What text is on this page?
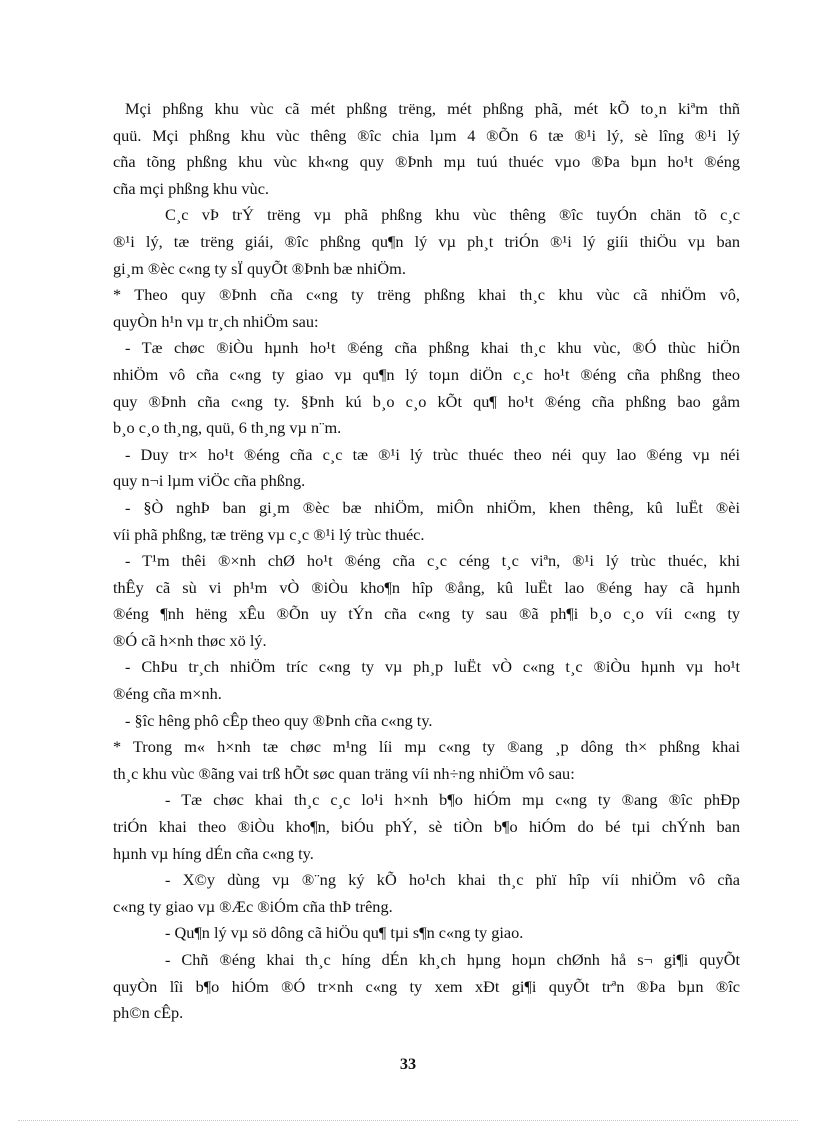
Mçi phßng khu vùc cã mét phßng trëng, mét phßng phã, mét kÕ to¸n kiªm thñ
quü. Mçi phßng khu vùc thêng ®îc chia lµm 4 ®Õn 6 tæ ®¹i lý, sè lîng ®¹i lý
cña tõng phßng khu vùc kh«ng quy ®Þnh mµ tuú thuéc vµo ®Þa bµn ho¹t ®éng
cña mçi phßng khu vùc.
C¸c vÞ trÝ trëng vµ phã phßng khu vùc thêng ®îc tuyÓn chän tõ c¸c
®¹i lý, tæ trëng giái, ®îc phßng qu¶n lý vµ ph¸t triÓn ®¹i lý giíi thiÖu vµ ban
gi¸m ®èc c«ng ty sÏ quyÕt ®Þnh bæ nhiÖm.
* Theo quy ®Þnh cña c«ng ty trëng phßng khai th¸c khu vùc cã nhiÖm vô,
quyÒn h¹n vµ tr¸ch nhiÖm sau:
- Tæ chøc ®iÒu hµnh ho¹t ®éng cña phßng khai th¸c khu vùc, ®Ó thùc hiÖn
nhiÖm vô cña c«ng ty giao vµ qu¶n lý toµn diÖn c¸c ho¹t ®éng cña phßng theo
quy ®Þnh cña c«ng ty. §Þnh kú b¸o c¸o kÕt qu¶ ho¹t ®éng cña phßng bao gåm
b¸o c¸o th¸ng, quü, 6 th¸ng vµ n¨m.
- Duy tr× ho¹t ®éng cña c¸c tæ ®¹i lý trùc thuéc theo néi quy lao ®éng vµ néi
quy n¬i lµm viÖc cña phßng.
- §Ò nghÞ ban gi¸m ®èc bæ nhiÖm, miÔn nhiÖm, khen thêng, kû luËt ®èi
víi phã phßng, tæ trëng vµ c¸c ®¹i lý trùc thuéc.
- T¹m thêi ®×nh chØ ho¹t ®éng cña c¸c céng t¸c viªn, ®¹i lý trùc thuéc, khi
thÊy cã sù vi ph¹m vÒ ®iÒu kho¶n hîp ®ång, kû luËt lao ®éng hay cã hµnh
®éng ¶nh hëng xÊu ®Õn uy tÝn cña c«ng ty sau ®ã ph¶i b¸o c¸o víi c«ng ty
®Ó cã h×nh thøc xö lý.
- ChÞu tr¸ch nhiÖm tríc c«ng ty vµ ph¸p luËt vÒ c«ng t¸c ®iÒu hµnh vµ ho¹t
®éng cña m×nh.
- §îc hêng phô cÊp theo quy ®Þnh cña c«ng ty.
* Trong m« h×nh tæ chøc m¹ng líi mµ c«ng ty ®ang ¸p dông th× phßng khai
th¸c khu vùc ®ãng vai trß hÕt søc quan träng víi nh÷ng nhiÖm vô sau:
- Tæ chøc khai th¸c c¸c lo¹i h×nh b¶o hiÓm mµ c«ng ty ®ang ®îc phÐp
triÓn khai theo ®iÒu kho¶n, biÓu phÝ, sè tiÒn b¶o hiÓm do bé tµi chÝnh ban
hµnh vµ híng dÉn cña c«ng ty.
- X©y dùng vµ ®¨ng ký kÕ ho¹ch khai th¸c phï hîp víi nhiÖm vô cña
c«ng ty giao vµ ®Æc ®iÓm cña thÞ trêng.
- Qu¶n lý vµ sö dông cã hiÖu qu¶ tµi s¶n c«ng ty giao.
- Chñ ®éng khai th¸c híng dÉn kh¸ch hµng hoµn chØnh hå s¬ gi¶i quyÕt
quyÒn lîi b¶o hiÓm ®Ó tr×nh c«ng ty xem xÐt gi¶i quyÕt trªn ®Þa bµn ®îc
ph©n cÊp.
33
